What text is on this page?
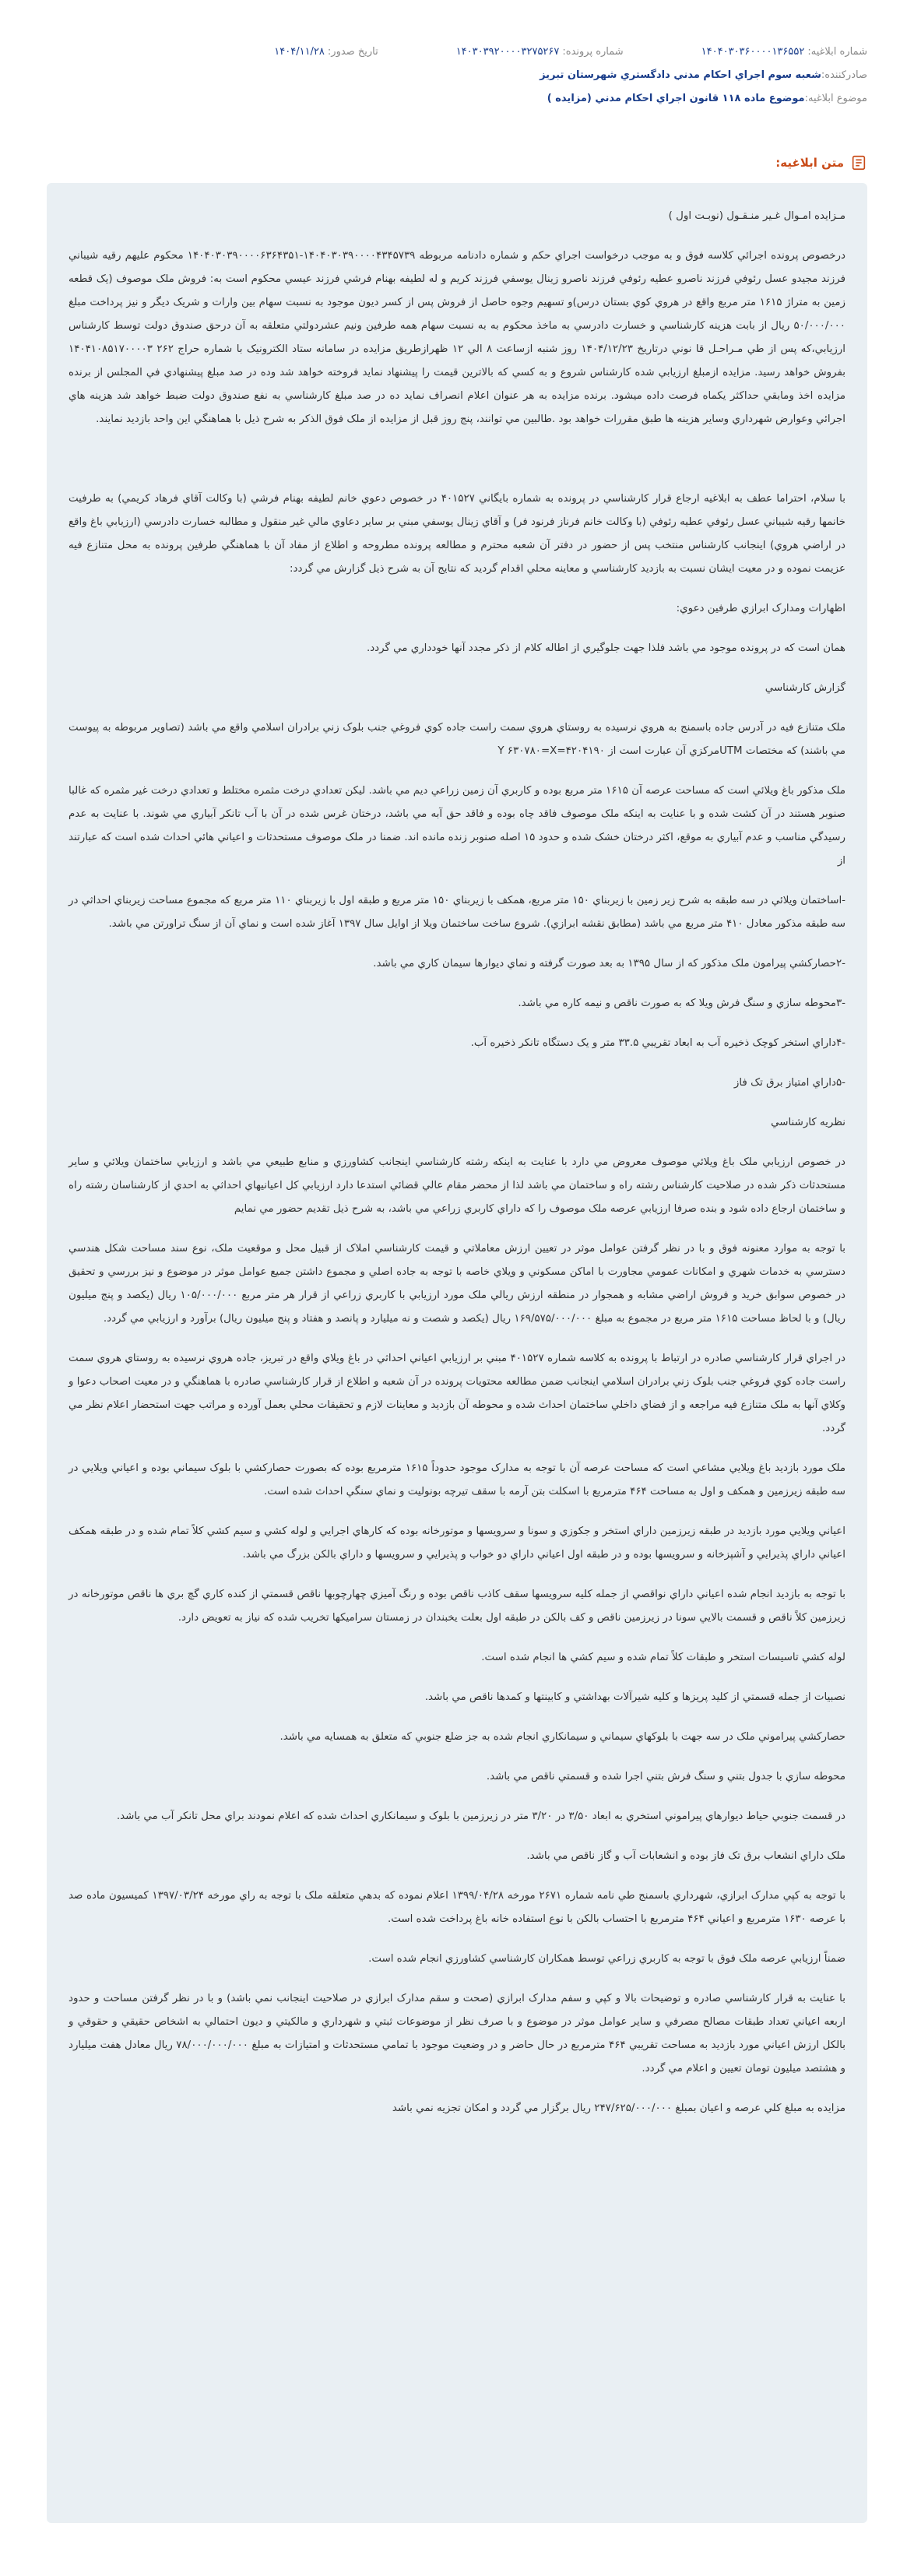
شماره ابلاغيه:
۱۴۰۴۰۳۰۳۶۰۰۰۰۱۳۶۵۵۲
شماره پرونده:
۱۴۰۳۰۳۹۲۰۰۰۰۳۲۷۵۲۶۷
تاريخ صدور:
۱۴۰۴/۱۱/۲۸
صادرکننده:
شعبه سوم اجراي احکام مدني دادگستري شهرستان تبريز
موضوع ابلاغيه:
موضوع ماده ۱۱۸ قانون اجراي احکام مدني (مزايده )
متن ابلاغيه:

مـزايده امـوال غـير منـقـول (نوبـت اول )

درخصوص پرونده اجرائي کلاسه فوق و به موجب درخواست اجراي حکم و شماره دادنامه مربوطه ۱۴۰۴۰۳۰۳۹۰۰۰۰۴۳۴۵۷۳۹-۱۴۰۴۰۳۰۳۹۰۰۰۰۶۳۶۴۳۵۱ محکوم عليهم رقيه شيباني فرزند مجيدو عسل رئوفي فرزند ناصرو عطيه رئوفي فرزند ناصرو زينال يوسفي فرزند کريم و له لطيفه بهنام فرشي فرزند عيسي محکوم است به: فروش ملک موصوف (يک قطعه زمين به متراژ ۱۶۱۵ متر مربع واقع در هروي کوي بستان درس)و تسهيم وجوه حاصل از فروش پس از کسر ديون موجود به نسبت سهام بين وارات و شريک ديگر و نيز پرداخت مبلغ ۵۰/۰۰۰/۰۰۰ ريال از بابت هزينه کارشناسي و خسارت دادرسي به ماخذ محکوم به به نسبت سهام همه طرفين ونيم عشردولتي متعلقه به آن درحق صندوق دولت توسط کارشناس ارزيابي،که پس از طي مـراحـل قا نوني درتاريخ ۱۴۰۴/۱۲/۲۳ روز شنبه ازساعت ۸ الي ۱۲ ظهرازطريق مزايده در سامانه ستاد الکترونيک با شماره حراج ۲۶۲ ۱۴۰۴۱۰۸۵۱۷۰۰۰۰۳ بفروش خواهد رسيد. مزايده ازمبلغ ارزيابي شده کارشناس شروع و به کسي که بالاترين قيمت را پيشنهاد نمايد فروخته خواهد شد وده در صد مبلغ پيشنهادي في المجلس از برنده مزايده اخذ ومابقي حداکثر يکماه فرصت داده ميشود. برنده مزايده به هر عنوان اعلام انصراف نمايد ده در صد مبلغ کارشناسي به نفع صندوق دولت ضبط خواهد شد هزينه هاي اجرائي وعوارض شهرداري وساير هزينه ها طبق مقررات خواهد بود .طالبين مي توانند، پنج روز قبل از مزايده از ملک فوق الذکر به شرح ذيل با هماهنگي اين واحد بازديد نمايند.

با سلام، احتراما عطف به ابلاغيه ارجاع قرار کارشناسي در پرونده به شماره بايگاني ۴۰۱۵۲۷ در خصوص دعوي خانم لطيفه بهنام فرشي (با وکالت آقاي فرهاد کريمي) به طرفيت خانمها رقيه شيباني عسل رئوفي عطيه رئوفي (با وکالت خانم فرناز فرنود فر) و آقاي زينال يوسفي مبني بر ساير دعاوي مالي غير منقول و مطالبه خسارت دادرسي (ارزيابي باغ واقع در اراضي هروي) اينجانب کارشناس منتخب پس از حضور در دفتر آن شعبه محترم و مطالعه پرونده مطروحه و اطلاع از مفاد آن با هماهنگي طرفين پرونده به محل متنازع فيه عزيمت نموده و در معيت ايشان نسبت به بازديد کارشناسي و معاينه محلي اقدام گرديد که نتايج آن به شرح ذيل گزارش مي گردد:

اظهارات ومدارک ابرازي طرفين دعوي:

همان است که در پرونده موجود مي باشد فلذا جهت جلوگيري از اطاله کلام از ذکر مجدد آنها خودداري مي گردد.

گزارش کارشناسي

ملک متنازع فيه در آدرس جاده باسمنج به هروي نرسيده به روستاي هروي سمت راست جاده کوي فروغي جنب بلوک زني برادران اسلامي واقع مي باشد (تصاوير مربوطه به پيوست مي باشند) که مختصات UTMمرکزي آن عبارت است از ۴۲۰۴۱۹۰=Y ۶۳۰۷۸۰=X

ملک مذکور باغ ويلائي است که مساحت عرصه آن ۱۶۱۵ متر مربع بوده و کاربري آن زمين زراعي ديم مي باشد. ليکن تعدادي درخت مثمره مختلط و تعدادي درخت غير مثمره که غالبا صنوبر هستند در آن کشت شده و با عنايت به اينکه ملک موصوف فاقد چاه بوده و فاقد حق آبه مي باشد، درختان غرس شده در آن با آب تانکر آبياري مي شوند. با عنايت به عدم رسيدگي مناسب و عدم آبياري به موقع، اکثر درختان خشک شده و حدود ۱۵ اصله صنوبر زنده مانده اند. ضمنا در ملک موصوف مستحدثات و اعياني هائي احداث شده است که عبارتند از

-اساختمان ويلائي در سه طبقه به شرح زير زمين با زيربناي ۱۵۰ متر مربع، همکف با زيربناي ۱۵۰ متر مربع و طبقه اول با زيربناي ۱۱۰ متر مربع که مجموع مساحت زيربناي احداثي در سه طبقه مذکور معادل ۴۱۰ متر مربع مي باشد (مطابق نقشه ابرازي). شروع ساخت ساختمان ويلا از اوايل سال ۱۳۹۷ آغاز شده است و نماي آن از سنگ تراورتن مي باشد.

-۲حصارکشي پيرامون ملک مذکور که از سال ۱۳۹۵ به بعد صورت گرفته و نماي ديوارها سيمان کاري مي باشد.

-۳محوطه سازي و سنگ فرش ويلا که به صورت ناقص و نيمه کاره مي باشد.

-۴داراي استخر کوچک ذخيره آب به ابعاد تقريبي ۳۳.۵ متر و يک دستگاه تانکر ذخيره آب.

-۵داراي امتياز برق تک فاز

نظريه کارشناسي

در خصوص ارزيابي ملک باغ ويلائي موصوف معروض مي دارد با عنايت به اينکه رشته کارشناسي اينجانب کشاورزي و منابع طبيعي مي باشد و ارزيابي ساختمان ويلائي و ساير مستحدثات ذکر شده در صلاحيت کارشناس رشته راه و ساختمان مي باشد لذا از محضر مقام عالي قضائي استدعا دارد ارزيابي کل اعيانيهاي احداثي به احدي از کارشناسان رشته راه و ساختمان ارجاع داده شود و بنده صرفا ارزيابي عرصه ملک موصوف را که داراي کاربري زراعي مي باشد، به شرح ذيل تقديم حضور مي نمايم

با توجه به موارد معنونه فوق و با در نظر گرفتن عوامل موثر در تعيين ارزش معاملاتي و قيمت کارشناسي املاک از قبيل محل و موقعيت ملک، نوع سند مساحت شکل هندسي دسترسي به خدمات شهري و امکانات عمومي مجاورت با اماکن مسکوني و ويلاي خاصه با توجه به جاده اصلي و مجموع داشتن جميع عوامل موثر در موضوع و نيز بررسي و تحقيق در خصوص سوابق خريد و فروش اراضي مشابه و همجوار در منطقه ارزش ريالي ملک مورد ارزيابي با کاربري زراعي از قرار هر متر مربع ۱۰۵/۰۰۰/۰۰۰ ريال (يکصد و پنج ميليون ريال) و با لحاظ مساحت ۱۶۱۵ متر مربع در مجموع به مبلغ ۱۶۹/۵۷۵/۰۰۰/۰۰۰ ريال (يکصد و شصت و نه ميليارد و پانصد و هفتاد و پنج ميليون ريال) برآورد و ارزيابي مي گردد.

در اجراي قرار کارشناسي صادره در ارتباط با پرونده به کلاسه شماره ۴۰۱۵۲۷ مبني بر ارزيابي اعياني احداثي در باغ ويلاي واقع در تبريز، جاده هروي نرسيده به روستاي هروي سمت راست جاده کوي فروغي جنب بلوک زني برادران اسلامي اينجانب ضمن مطالعه محتويات پرونده در آن شعبه و اطلاع از قرار کارشناسي صادره با هماهنگي و در معيت اصحاب دعوا و وکلاي آنها به ملک متنازع فيه مراجعه و از فضاي داخلي ساختمان احداث شده و محوطه آن بازديد و معاينات لازم و تحقيقات محلي بعمل آورده و مراتب جهت استحضار اعلام نظر مي گردد.

ملک مورد بازديد باغ ويلايي مشاعي است که مساحت عرصه آن با توجه به مدارک موجود حدوداً ۱۶۱۵ مترمربع بوده که بصورت حصارکشي با بلوک سيماني بوده و اعياني ويلايي در سه طبقه زيرزمين و همکف و اول به مساحت ۴۶۴ مترمربع با اسکلت بتن آرمه با سقف تيرچه بونوليت و نماي سنگي احداث شده است.

اعياني ويلايي مورد بازديد در طبقه زيرزمين داراي استخر و جکوزي و سونا و سرويسها و موتورخانه بوده که کارهاي اجرايي و لوله کشي و سيم کشي کلاً تمام شده و در طبقه همکف اعياني داراي پذيرايي و آشپزخانه و سرويسها بوده و در طبقه اول اعياني داراي دو خواب و پذيرايي و سرويسها و داراي بالکن بزرگ مي باشد.

با توجه به بازديد انجام شده اعياني داراي نواقصي از جمله کليه سرويسها سقف کاذب ناقص بوده و رنگ آميزي چهارچوبها ناقص قسمتي از کنده کاري گچ بري ها ناقص موتورخانه در زيرزمين کلاً ناقص و قسمت بالايي سونا در زيرزمين ناقص و کف بالکن در طبقه اول بعلت يخبندان در زمستان سراميکها تخريب شده که نياز به تعويض دارد.

لوله کشي تاسيسات استخر و طبقات کلاً تمام شده و سيم کشي ها انجام شده است.

نصبيات از جمله قسمتي از کليد پريزها و کليه شيرآلات بهداشتي و کابينتها و کمدها ناقص مي باشد.

حصارکشي پيراموني ملک در سه جهت با بلوکهاي سيماني و سيمانکاري انجام شده به جز ضلع جنوبي که متعلق به همسايه مي باشد.

محوطه سازي با جدول بتني و سنگ فرش بتني اجرا شده و قسمتي ناقص مي باشد.

در قسمت جنوبي حياط ديوارهاي پيراموني استخري به ابعاد ۳/۵۰ در ۳/۲۰ متر در زيرزمين با بلوک و سيمانکاري احداث شده که اعلام نمودند براي محل تانکر آب مي باشد.

ملک داراي انشعاب برق تک فاز بوده و انشعابات آب و گاز ناقص مي باشد.

با توجه به کپي مدارک ابرازي، شهرداري باسمنج طي نامه شماره ۲۶۷۱ مورخه ۱۳۹۹/۰۴/۲۸ اعلام نموده که بدهي متعلقه ملک با توجه به راي مورخه ۱۳۹۷/۰۳/۲۴ کميسيون ماده صد با عرصه ۱۶۳۰ مترمربع و اعياني ۴۶۴ مترمربع با احتساب بالکن با نوع استفاده خانه باغ پرداخت شده است.

ضمناً ارزيابي عرصه ملک فوق با توجه به کاربري زراعي توسط همکاران کارشناسي کشاورزي انجام شده است.

با عنايت به قرار کارشناسي صادره و توضيحات بالا و کپي و سفم مدارک ابرازي (صحت و سقم مدارک ابرازي در صلاحيت اينجانب نمي باشد) و با در نظر گرفتن مساحت و حدود اربعه اعياني تعداد طبقات مصالح مصرفي و ساير عوامل موثر در موضوع و با صرف نظر از موضوعات ثبتي و شهرداري و مالکيتي و ديون احتمالي به اشخاص حقيقي و حقوقي و بالکل ارزش اعياني مورد بازديد به مساحت تقريبي ۴۶۴ مترمربع در حال حاضر و در وضعيت موجود با تمامي مستحدثات و امتيازات به مبلغ ۷۸/۰۰۰/۰۰۰/۰۰۰ ريال معادل هفت ميليارد و هشتصد ميليون تومان تعيين و اعلام مي گردد.

مزايده به مبلغ کلي عرصه و اعيان بمبلغ ۲۴۷/۶۲۵/۰۰۰/۰۰۰ ريال برگزار مي گردد و امکان تجزيه نمي باشد
